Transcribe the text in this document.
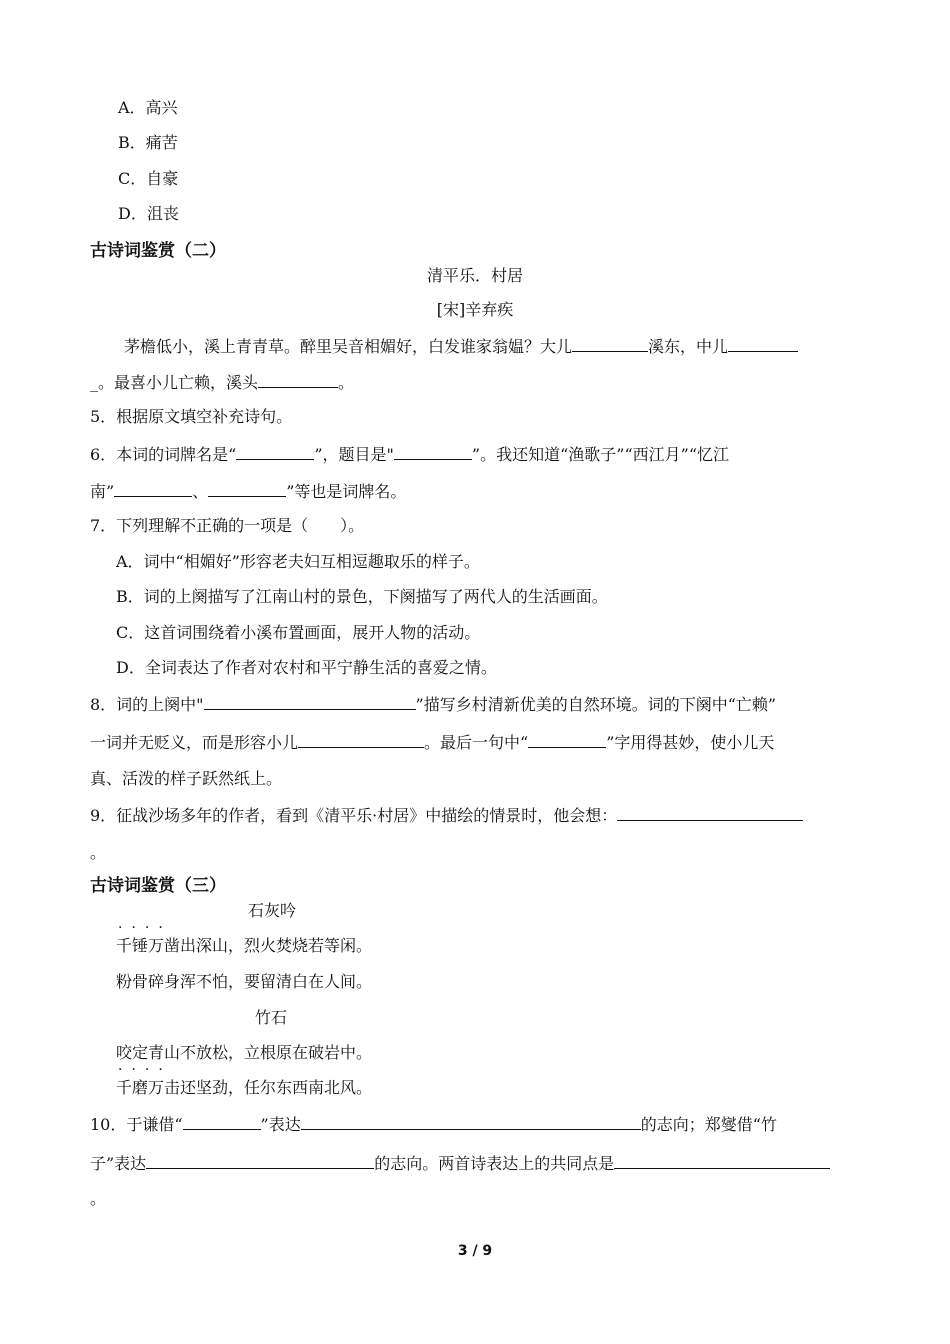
A．高兴
B．痛苦
C．自豪
D．沮丧
古诗词鉴赏（二）
清平乐．村居
[宋]辛弃疾
茅檐低小，溪上青青草。醉里吴音相媚好，白发谁家翁媪？大儿	溪东，中儿
_。最喜小儿亡赖，溪头	。
5．根据原文填空补充诗句。
6．本词的词牌名是“	”，题目是"	”。我还知道“渔歌子”“西江月”“忆江
南”	、	”等也是词牌名。
7．下列理解不正确的一项是（　　）。
A．词中“相媚好”形容老夫妇互相逗趣取乐的样子。
B．词的上阕描写了江南山村的景色，下阕描写了两代人的生活画面。
C．这首词围绕着小溪布置画面，展开人物的活动。
D．全词表达了作者对农村和平宁静生活的喜爱之情。
8．词的上阕中"	”描写乡村清新优美的自然环境。词的下阕中“亡赖”
一词并无贬义，而是形容小儿	。最后一句中“	”字用得甚妙，使小儿天
真、活泼的样子跃然纸上。
9．征战沙场多年的作者，看到《清平乐·村居》中描绘的情景时，他会想：
。
古诗词鉴赏（三）
石灰吟
····
千锤万凿出深山，烈火焚烧若等闲。
粉骨碎身浑不怕，要留清白在人间。
竹石
咬定青山不放松，立根原在破岩中。
····
千磨万击还坚劲，任尔东西南北风。
10．于谦借“	”表达	的志向；郑燮借“竹
子”表达	的志向。两首诗表达上的共同点是
。
3 / 9
